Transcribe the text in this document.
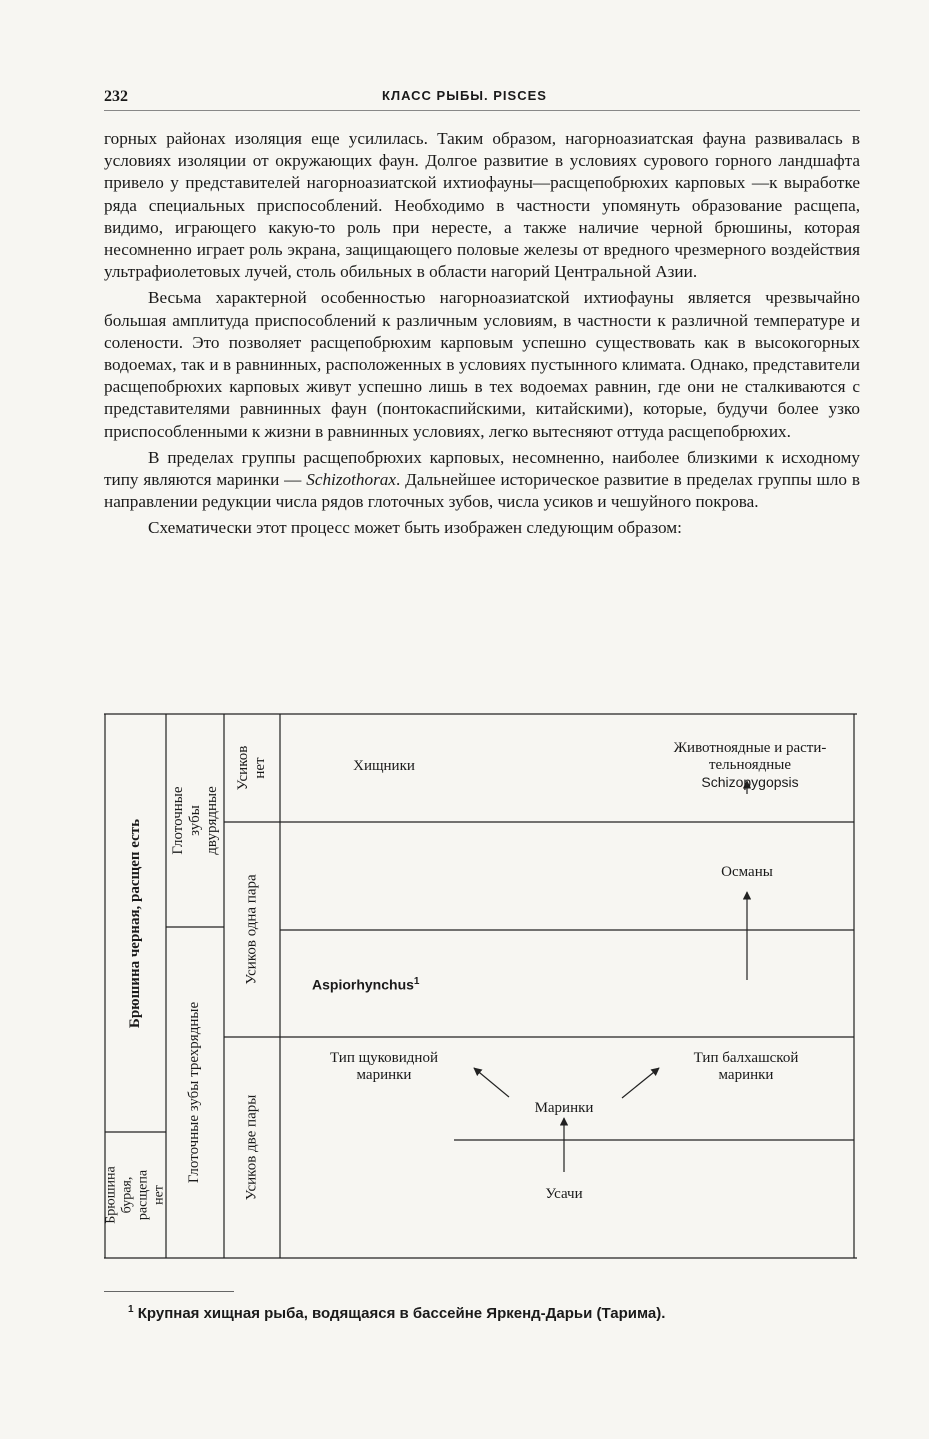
232	КЛАСС РЫБЫ. PISCES

горных районах изоляция еще усилилась. Таким образом, нагорноазиатская фауна развивалась в условиях изоляции от окружающих фаун. Долгое развитие в условиях сурового горного ландшафта привело у представителей нагорноазиатской ихтиофауны—расщепобрюхих карповых —к выработке ряда специальных приспособлений. Необходимо в частности упомянуть образование расщепа, видимо, играющего какую-то роль при нересте, а также наличие черной брюшины, которая несомненно играет роль экрана, защищающего половые железы от вредного чрезмерного воздействия ультрафиолетовых лучей, столь обильных в области нагорий Центральной Азии.

Весьма характерной особенностью нагорноазиатской ихтиофауны является чрезвычайно большая амплитуда приспособлений к различным условиям, в частности к различной температуре и солености. Это позволяет расщепобрюхим карповым успешно существовать как в высокогорных водоемах, так и в равнинных, расположенных в условиях пустынного климата. Однако, представители расщепобрюхих карповых живут успешно лишь в тех водоемах равнин, где они не сталкиваются с представителями равнинных фаун (понтокаспийскими, китайскими), которые, будучи более узко приспособленными к жизни в равнинных условиях, легко вытесняют оттуда расщепобрюхих.

В пределах группы расщепобрюхих карповых, несомненно, наиболее близкими к исходному типу являются маринки — Schizothorax. Дальнейшее историческое развитие в пределах группы шло в направлении редукции числа рядов глоточных зубов, числа усиков и чешуйного покрова.

Схематически этот процесс может быть изображен следующим образом:

Брюшина черная, расщеп есть
Брюшина бурая, расщепа нет
Глоточные зубы двурядные
Глоточные зубы трехрядные
Усиков нет
Усиков одна пара
Усиков две пары
Хищники
Животноядные и расти-
тельноядные
Schizopygopsis
Османы
Aspiorhynchus$^1$
Тип щуковидной
маринки
Тип балхашской
маринки
Маринки
Усачи
$^1$ Крупная хищная рыба, водящаяся в бассейне Яркенд-Дарьи (Тарима).
